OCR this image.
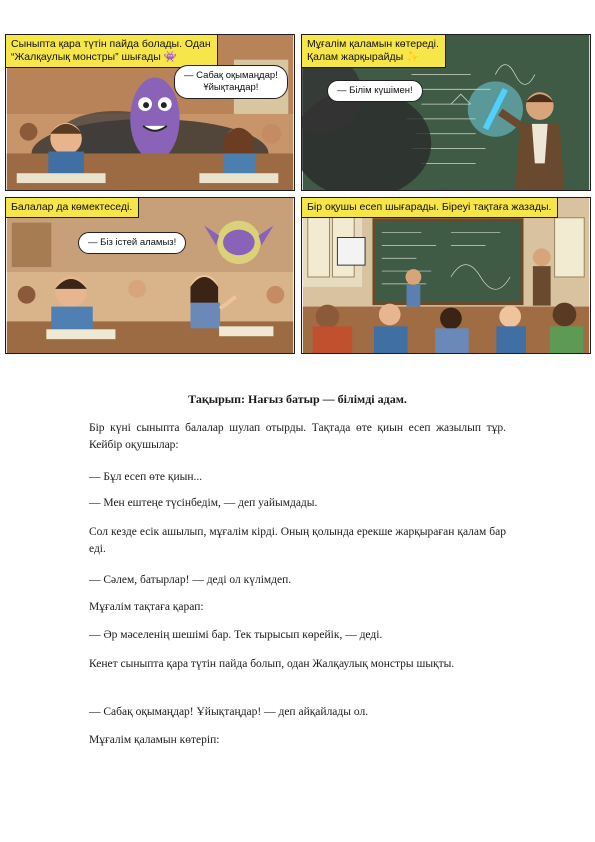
Сыныпта қара түтін пайда болады. Одан
“Жалқаулық монстры” шығады 👾
— Сабақ оқымаңдар!
Ұйықтаңдар!
Мұғалім қаламын көтереді.
Қалам жарқырайды ✨
— Білім күшімен!
Балалар да көмектеседі.
— Біз істей аламыз!
Бір оқушы есеп шығарады. Біреуі тақтаға жазады.
Тақырып: Нағыз батыр — білімді адам.

Бір күні сыныпта балалар шулап отырды. Тақтада өте қиын есеп жазылып тұр. Кейбір оқушылар:

— Бұл есеп өте қиын...

— Мен ештеңе түсінбедім, — деп уайымдады.

Сол кезде есік ашылып, мұғалім кірді. Оның қолында ерекше жарқыраған қалам бар еді.

— Сәлем, батырлар! — деді ол күлімдеп.

Мұғалім тақтаға қарап:

— Әр мәселенің шешімі бар. Тек тырысып көрейік, — деді.

Кенет сыныпта қара түтін пайда болып, одан Жалқаулық монстры шықты.

— Сабақ оқымаңдар! Ұйықтаңдар! — деп айқайлады ол.

Мұғалім қаламын көтеріп:
